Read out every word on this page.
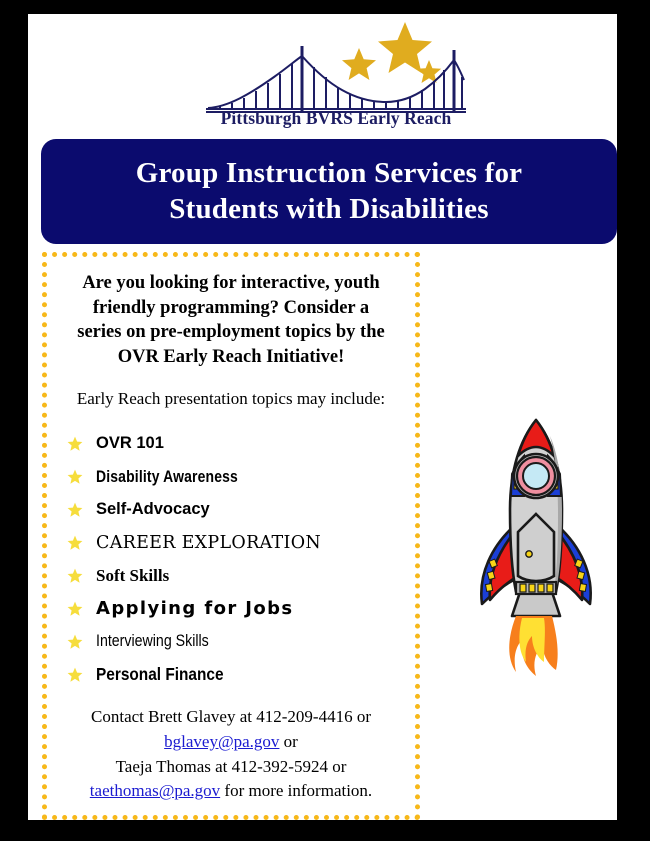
Pittsburgh BVRS Early Reach
Group Instruction Services for
Students with Disabilities
Are you looking for interactive, youth
friendly programming? Consider a
series on pre-employment topics by the
OVR Early Reach Initiative!
Early Reach presentation topics may include:
OVR 101
Disability Awareness
Self-Advocacy
CAREER EXPLORATION
Soft Skills
Applying for Jobs
Interviewing Skills
Personal Finance
Contact Brett Glavey at 412-209-4416 or
bglavey@pa.gov or
Taeja Thomas at 412-392-5924 or
taethomas@pa.gov for more information.
